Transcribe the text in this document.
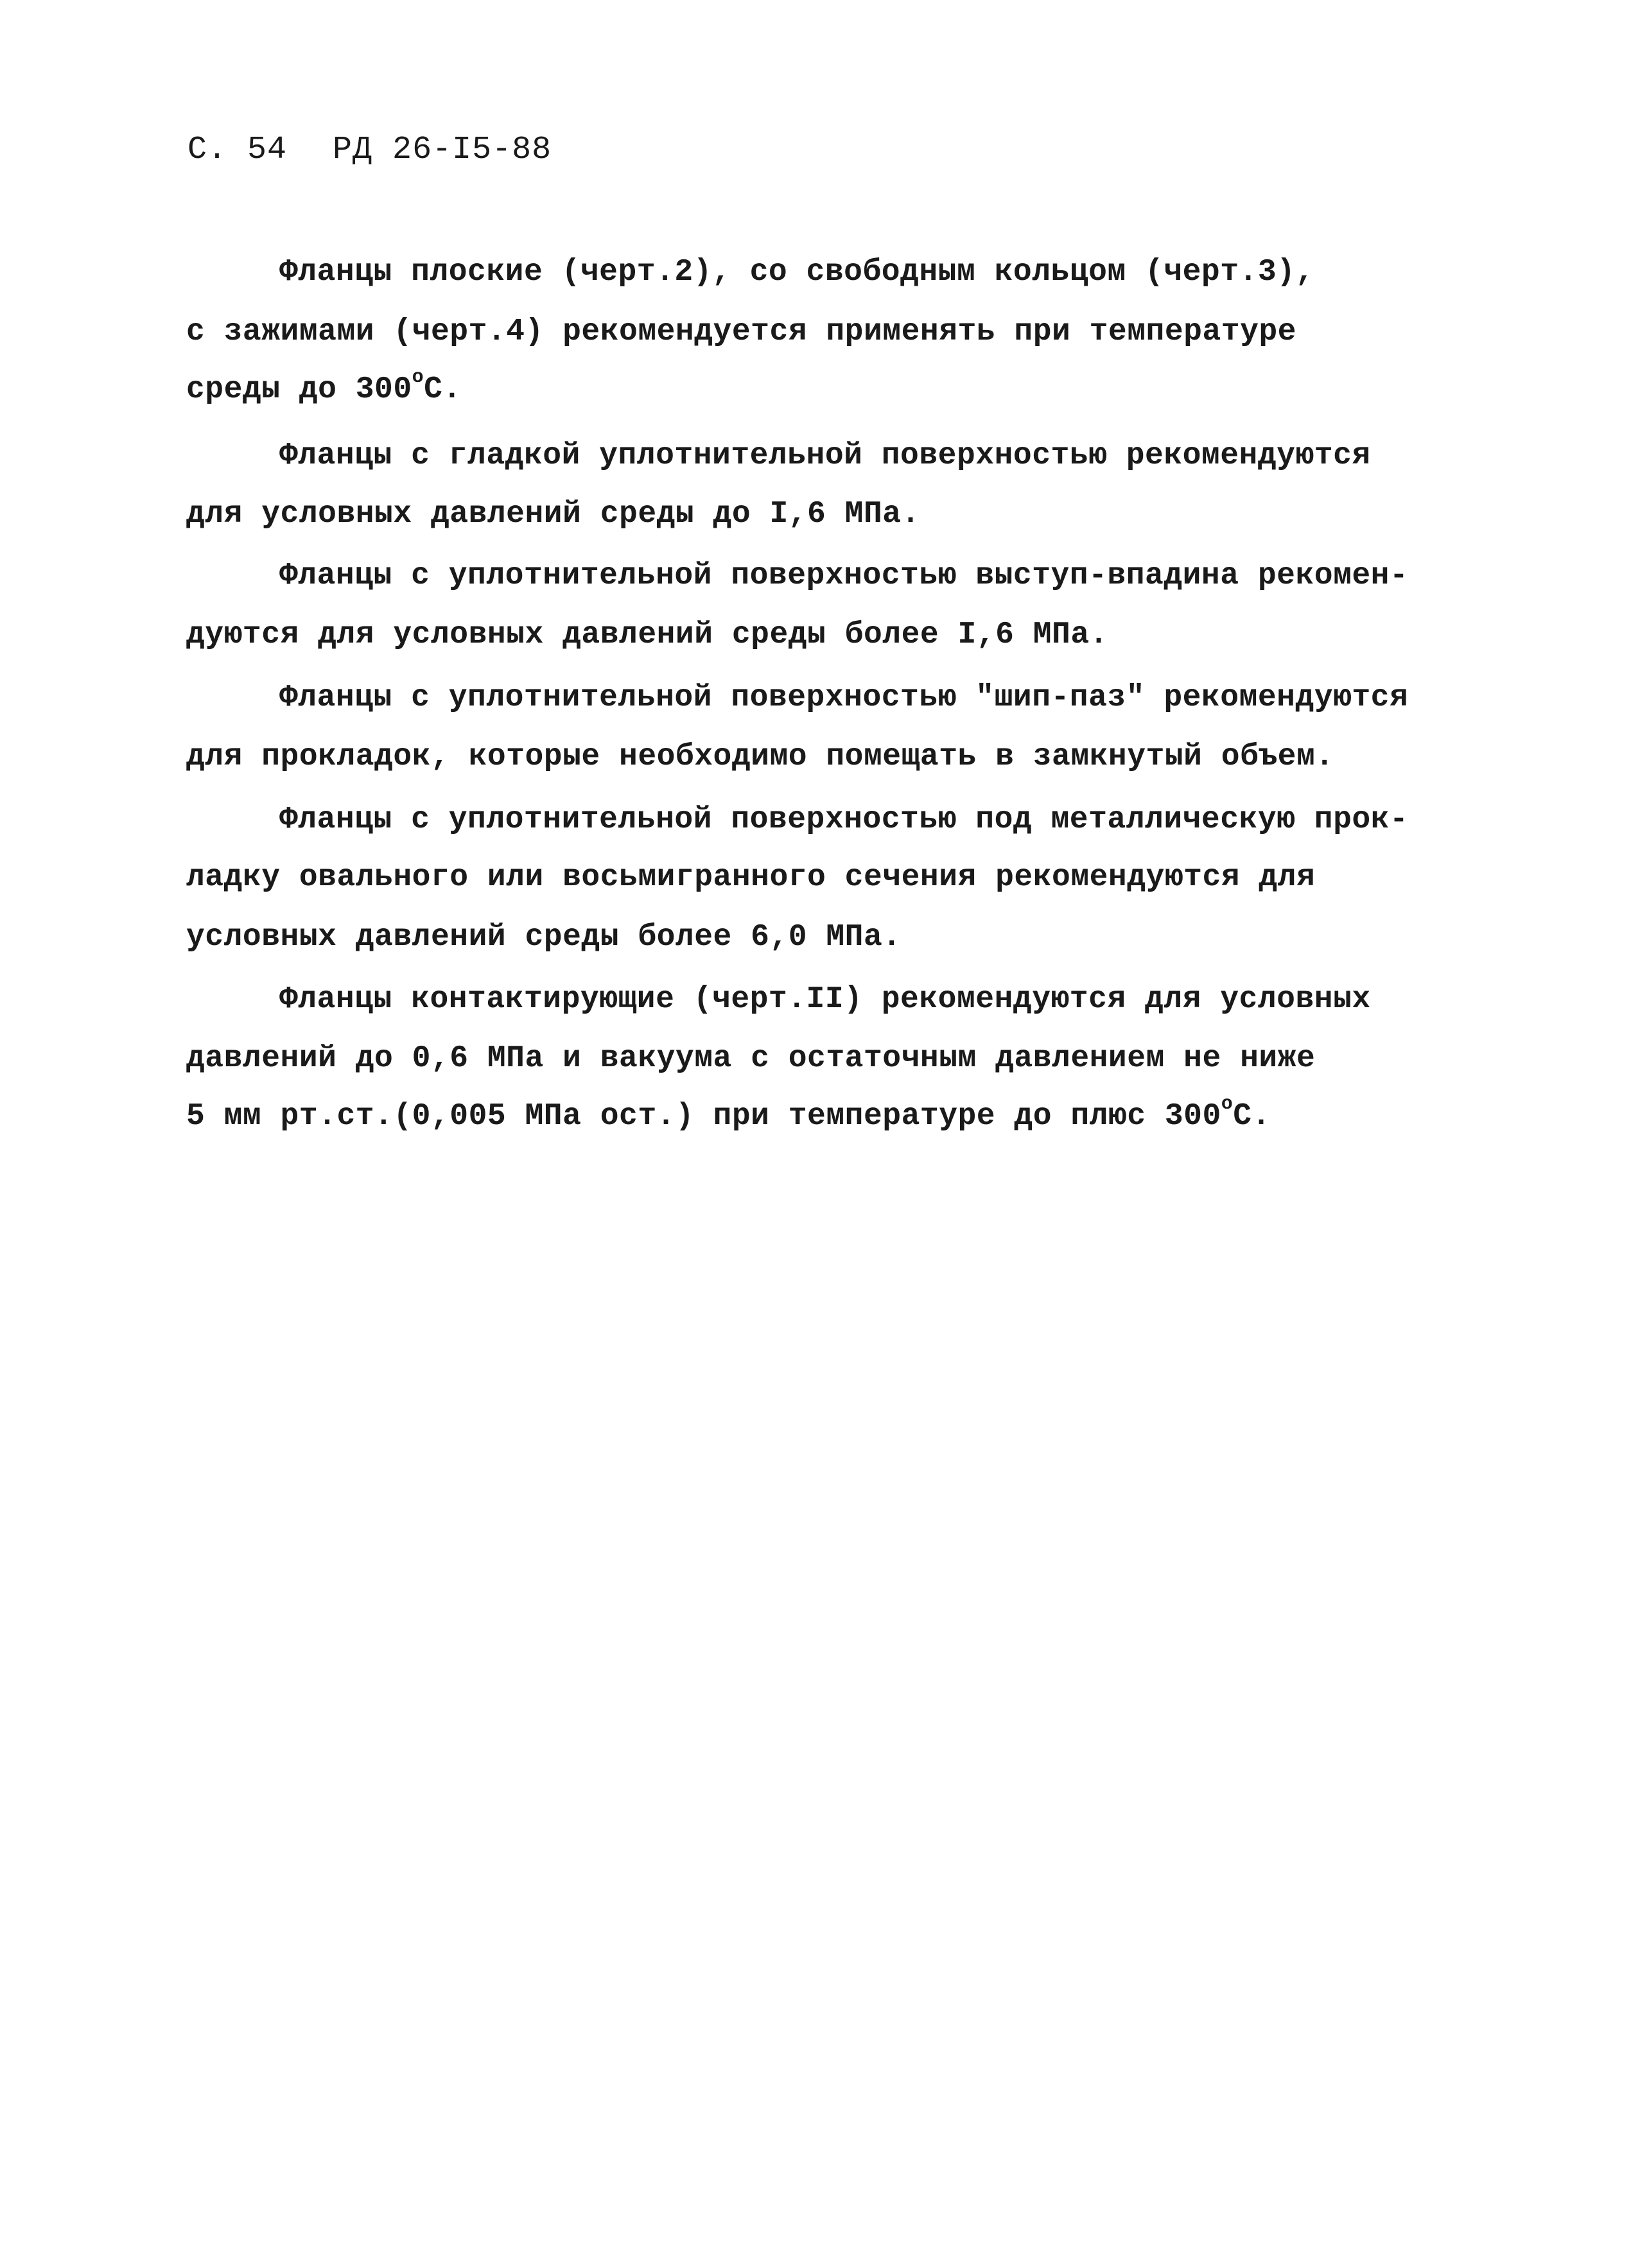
С. 54 РД 26-I5-88
Фланцы плоские (черт.2), со свободным кольцом (черт.3),
с зажимами (черт.4) рекомендуется применять при температуре
среды до $300^оС$.
Фланцы с гладкой уплотнительной поверхностью рекомендуются
для условных давлений среды до I,6 МПа.
Фланцы с уплотнительной поверхностью выступ-впадина рекомен-
дуются для условных давлений среды более I,6 МПа.
Фланцы с уплотнительной поверхностью "шип-паз" рекомендуются
для прокладок, которые необходимо помещать в замкнутый объем.
Фланцы с уплотнительной поверхностью под металлическую прок-
ладку овального или восьмигранного сечения рекомендуются для
условных давлений среды более 6,0 МПа.
Фланцы контактирующие (черт.II) рекомендуются для условных
давлений до 0,6 МПа и вакуума с остаточным давлением не ниже
5 мм рт.ст.(0,005 МПа ост.) при температуре до плюс $300^оС$.
